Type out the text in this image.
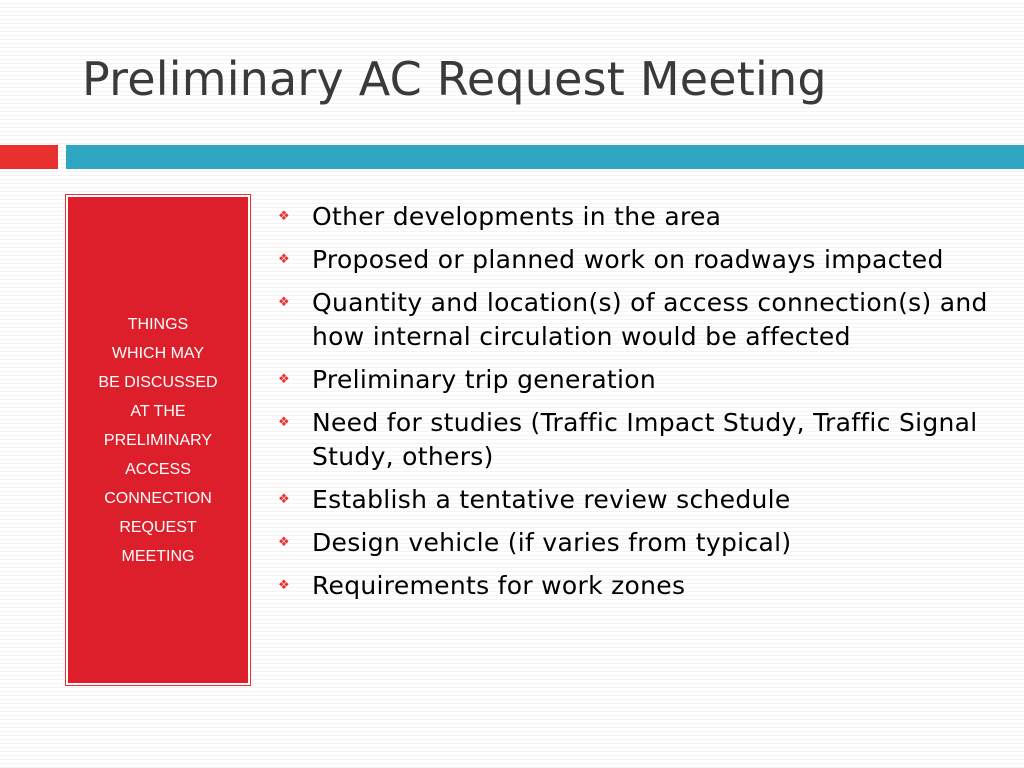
Preliminary AC Request Meeting
THINGS
WHICH MAY
BE DISCUSSED
AT THE
PRELIMINARY
ACCESS
CONNECTION
REQUEST
MEETING
❖ Other developments in the area
❖ Proposed or planned work on roadways impacted
❖ Quantity and location(s) of access connection(s) and how internal circulation would be affected
❖ Preliminary trip generation
❖ Need for studies (Traffic Impact Study, Traffic Signal Study, others)
❖ Establish a tentative review schedule
❖ Design vehicle (if varies from typical)
❖ Requirements for work zones
